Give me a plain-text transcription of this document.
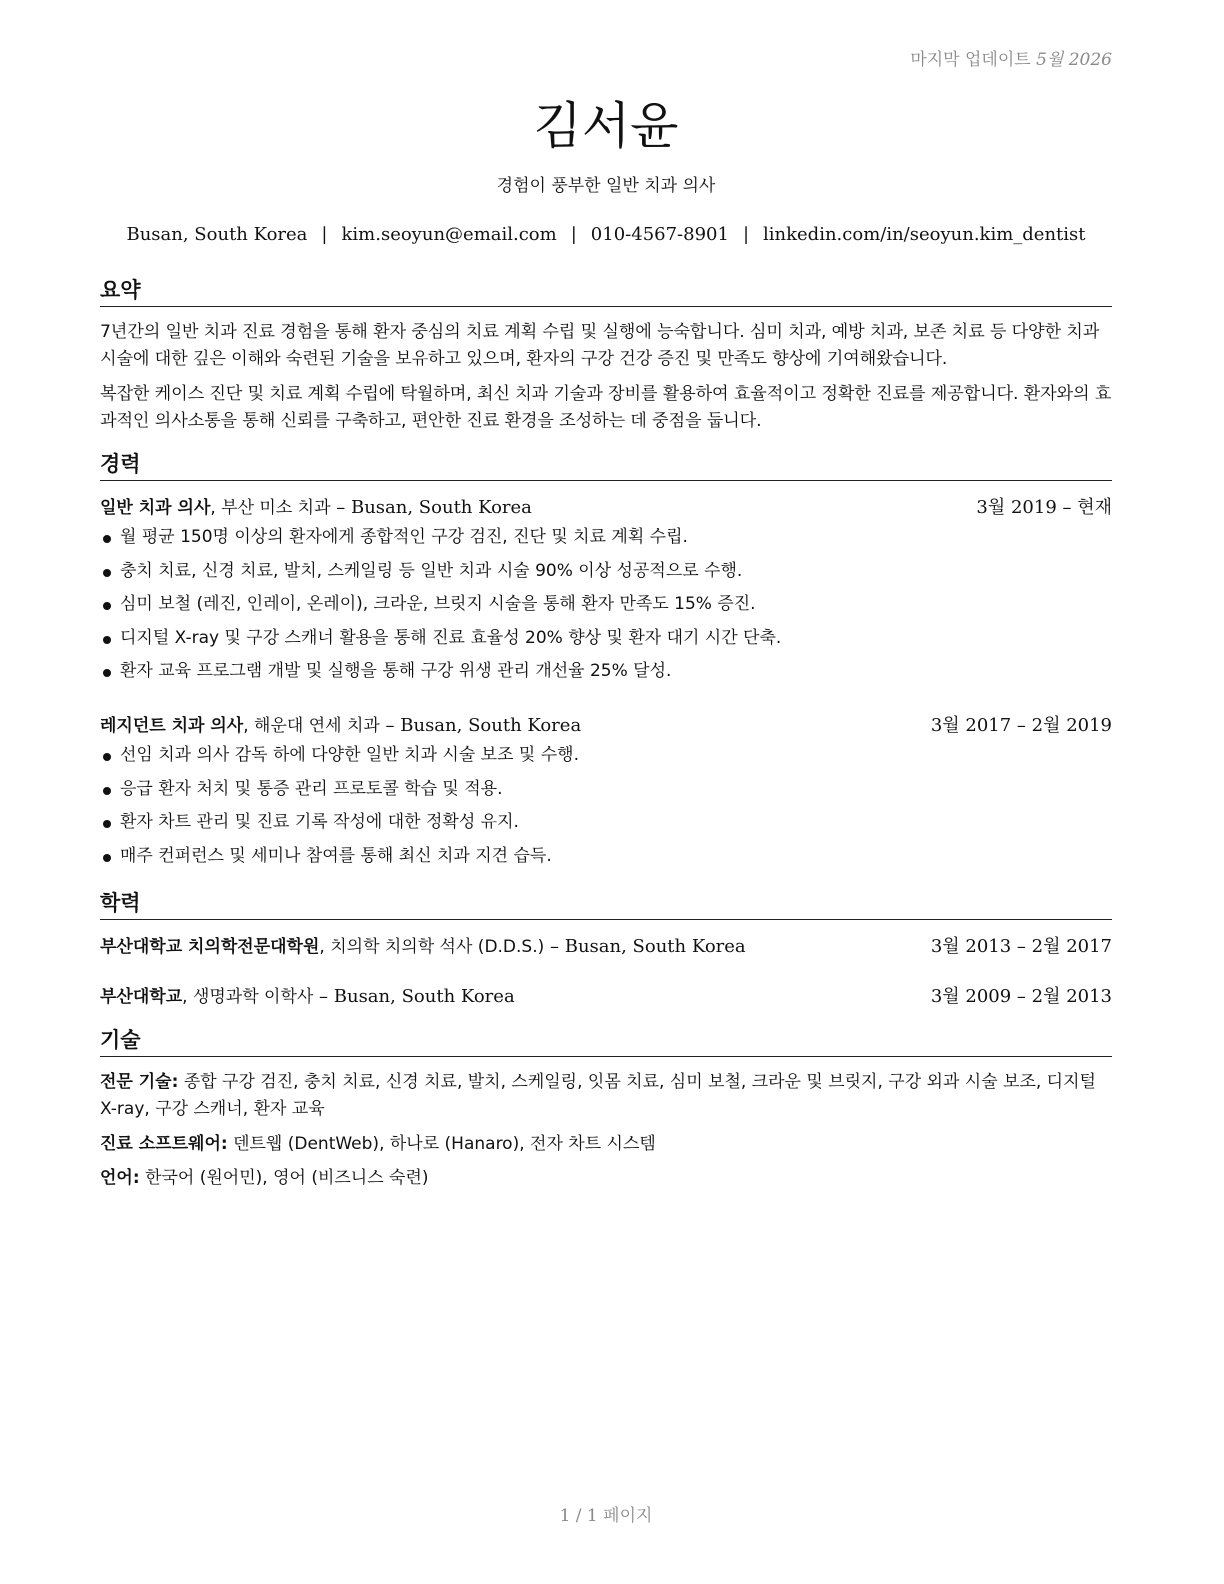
마지막 업데이트 5월 2026
김서윤
경험이 풍부한 일반 치과 의사
Busan, South Korea | kim.seoyun@email.com | 010-4567-8901 | linkedin.com/in/seoyun.kim_dentist
요약

7년간의 일반 치과 진료 경험을 통해 환자 중심의 치료 계획 수립 및 실행에 능숙합니다. 심미 치과, 예방 치과, 보존 치료 등 다양한 치과 시술에 대한 깊은 이해와 숙련된 기술을 보유하고 있으며, 환자의 구강 건강 증진 및 만족도 향상에 기여해왔습니다.

복잡한 케이스 진단 및 치료 계획 수립에 탁월하며, 최신 치과 기술과 장비를 활용하여 효율적이고 정확한 진료를 제공합니다. 환자와의 효과적인 의사소통을 통해 신뢰를 구축하고, 편안한 진료 환경을 조성하는 데 중점을 둡니다.

경력
일반 치과 의사, 부산 미소 치과 – Busan, South Korea	3월 2019 – 현재
월 평균 150명 이상의 환자에게 종합적인 구강 검진, 진단 및 치료 계획 수립.
충치 치료, 신경 치료, 발치, 스케일링 등 일반 치과 시술 90% 이상 성공적으로 수행.
심미 보철 (레진, 인레이, 온레이), 크라운, 브릿지 시술을 통해 환자 만족도 15% 증진.
디지털 X-ray 및 구강 스캐너 활용을 통해 진료 효율성 20% 향상 및 환자 대기 시간 단축.
환자 교육 프로그램 개발 및 실행을 통해 구강 위생 관리 개선율 25% 달성.
레지던트 치과 의사, 해운대 연세 치과 – Busan, South Korea	3월 2017 – 2월 2019
선임 치과 의사 감독 하에 다양한 일반 치과 시술 보조 및 수행.
응급 환자 처치 및 통증 관리 프로토콜 학습 및 적용.
환자 차트 관리 및 진료 기록 작성에 대한 정확성 유지.
매주 컨퍼런스 및 세미나 참여를 통해 최신 치과 지견 습득.
학력
부산대학교 치의학전문대학원, 치의학 치의학 석사 (D.D.S.) – Busan, South Korea	3월 2013 – 2월 2017
부산대학교, 생명과학 이학사 – Busan, South Korea	3월 2009 – 2월 2013
기술

전문 기술: 종합 구강 검진, 충치 치료, 신경 치료, 발치, 스케일링, 잇몸 치료, 심미 보철, 크라운 및 브릿지, 구강 외과 시술 보조, 디지털 X-ray, 구강 스캐너, 환자 교육

진료 소프트웨어: 덴트웹 (DentWeb), 하나로 (Hanaro), 전자 차트 시스템

언어: 한국어 (원어민), 영어 (비즈니스 숙련)

1 / 1 페이지
